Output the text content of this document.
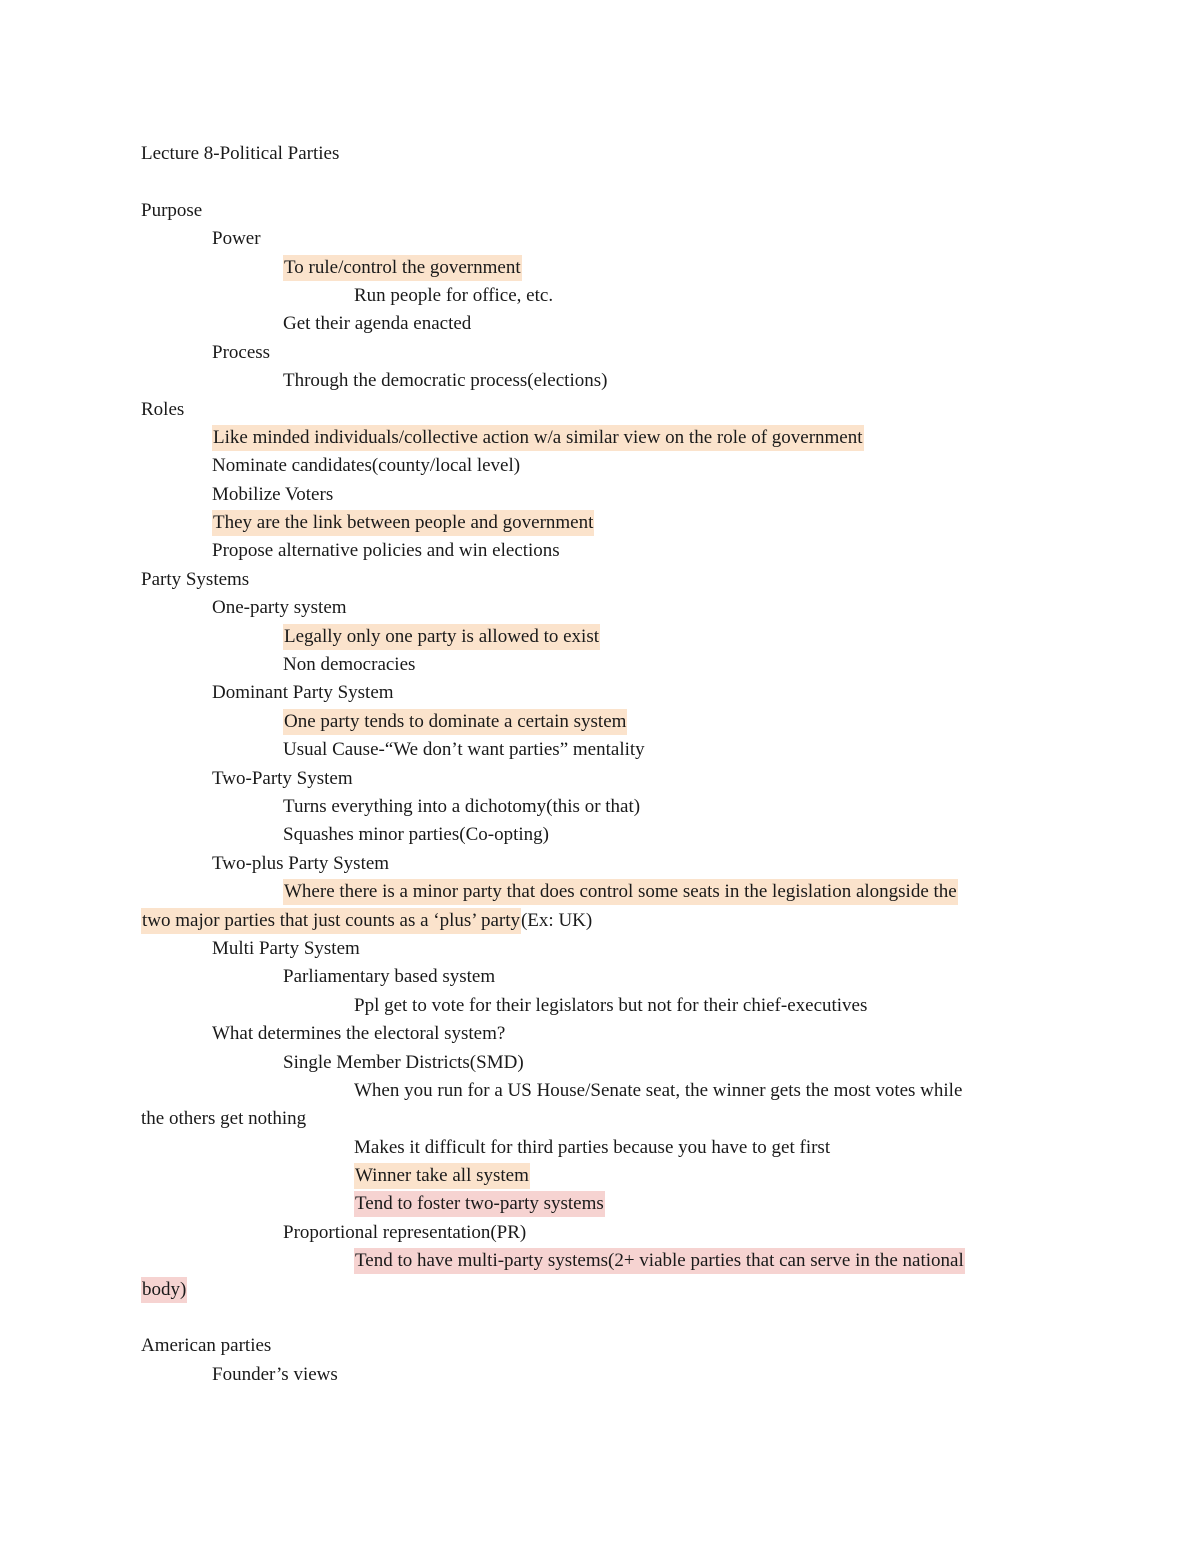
Lecture 8-Political Parties
Purpose
Power
To rule/control the government
Run people for office, etc.
Get their agenda enacted
Process
Through the democratic process(elections)
Roles
Like minded individuals/collective action w/a similar view on the role of government
Nominate candidates(county/local level)
Mobilize Voters
They are the link between people and government
Propose alternative policies and win elections
Party Systems
One-party system
Legally only one party is allowed to exist
Non democracies
Dominant Party System
One party tends to dominate a certain system
Usual Cause-“We don’t want parties” mentality
Two-Party System
Turns everything into a dichotomy(this or that)
Squashes minor parties(Co-opting)
Two-plus Party System
Where there is a minor party that does control some seats in the legislation alongside the
two major parties that just counts as a ‘plus’ party(Ex: UK)
Multi Party System
Parliamentary based system
Ppl get to vote for their legislators but not for their chief-executives
What determines the electoral system?
Single Member Districts(SMD)
When you run for a US House/Senate seat, the winner gets the most votes while
the others get nothing
Makes it difficult for third parties because you have to get first
Winner take all system
Tend to foster two-party systems
Proportional representation(PR)
Tend to have multi-party systems(2+ viable parties that can serve in the national
body)
American parties
Founder’s views
